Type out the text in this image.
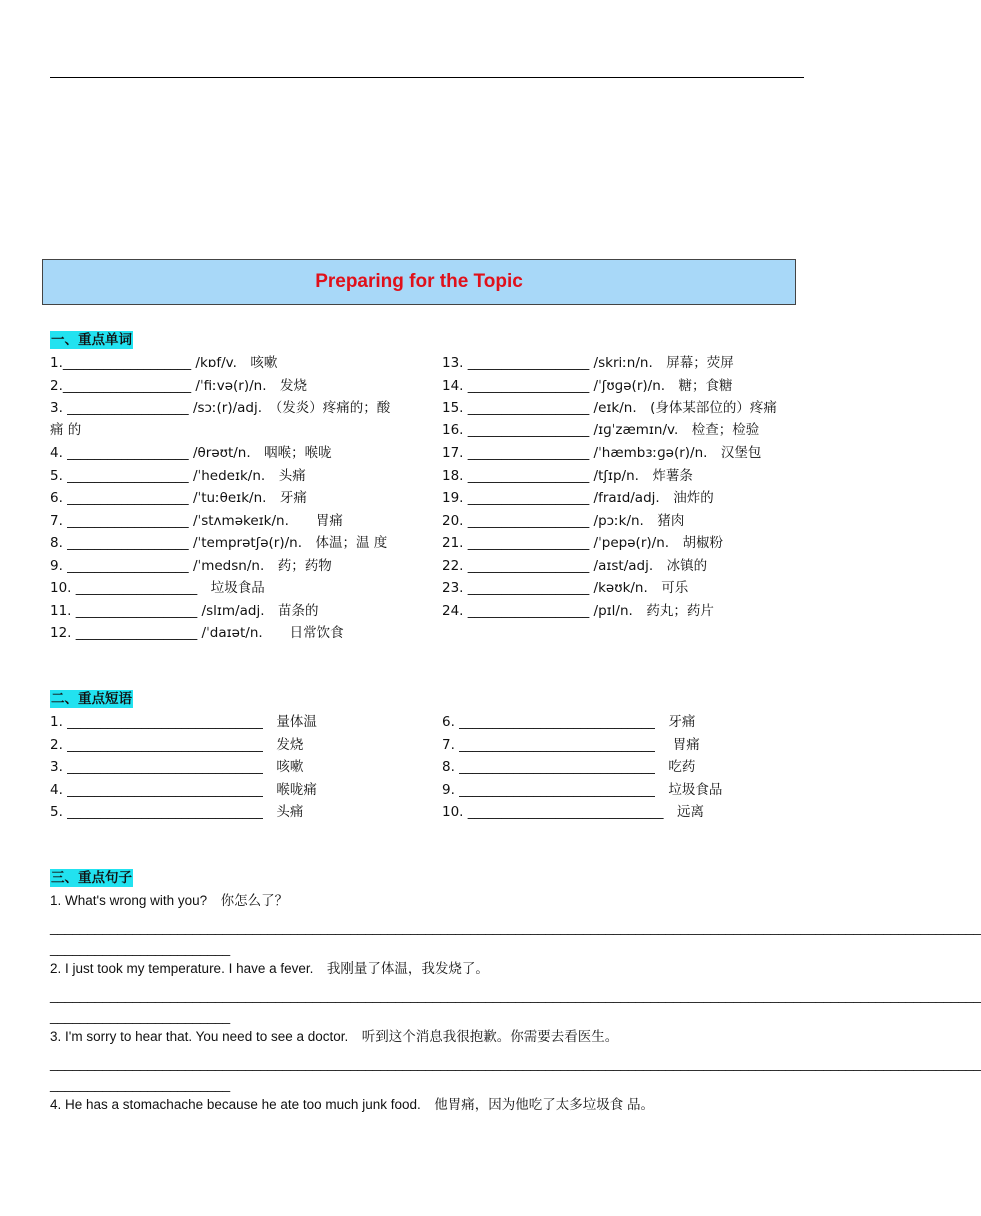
Preparing for the Topic
一、重点单词
1.___________________ /kɒf/v.　咳嗽
2.___________________ /ˈfiːvə(r)/n.　发烧
3. __________________ /sɔː(r)/adj.　（发炎）疼痛的；酸
痛 的
4. __________________ /θrəʊt/n.　咽喉；喉咙
5. __________________ /ˈhedeɪk/n.　头痛
6. __________________ /ˈtuːθeɪk/n.　牙痛
7. __________________ /ˈstʌməkeɪk/n.　　胃痛
8. __________________ /ˈtemprətʃə(r)/n.　体温；温 度
9. __________________ /ˈmedsn/n.　药；药物
10. __________________　垃圾食品
11. __________________ /slɪm/adj.　苗条的
12. __________________ /ˈdaɪət/n.　　日常饮食
13. __________________ /skriːn/n.　屏幕；荧屏
14. __________________ /ˈʃʊɡə(r)/n.　糖；食糖
15. __________________ /eɪk/n.　(身体某部位的）疼痛
16. __________________ /ɪɡˈzæmɪn/v.　检查；检验
17. __________________ /ˈhæmbɜːɡə(r)/n.　汉堡包
18. __________________ /tʃɪp/n.　炸薯条
19. __________________ /fraɪd/adj.　油炸的
20. __________________ /pɔːk/n.　猪肉
21. __________________ /ˈpepə(r)/n.　胡椒粉
22. __________________ /aɪst/adj.　冰镇的
23. __________________ /kəʊk/n.　可乐
24. __________________ /pɪl/n.　药丸；药片
二、重点短语
1. _____________________________　量体温
2. _____________________________　发烧
3. _____________________________　咳嗽
4. _____________________________　喉咙痛
5. _____________________________　头痛
6. _____________________________　牙痛
7. _____________________________　 胃痛
8. _____________________________　吃药
9. _____________________________　垃圾食品
10. _____________________________　远离
三、重点句子
1. What's wrong with you?　你怎么了？
____________________________________________________________________________________________________________________________
________________________
2. I just took my temperature. I have a fever.　我刚量了体温，我发烧了。
____________________________________________________________________________________________________________________________
________________________
3. I'm sorry to hear that. You need to see a doctor.　听到这个消息我很抱歉。你需要去看医生。
____________________________________________________________________________________________________________________________
________________________
4. He has a stomachache because he ate too much junk food.　他胃痛，因为他吃了太多垃圾食 品。
